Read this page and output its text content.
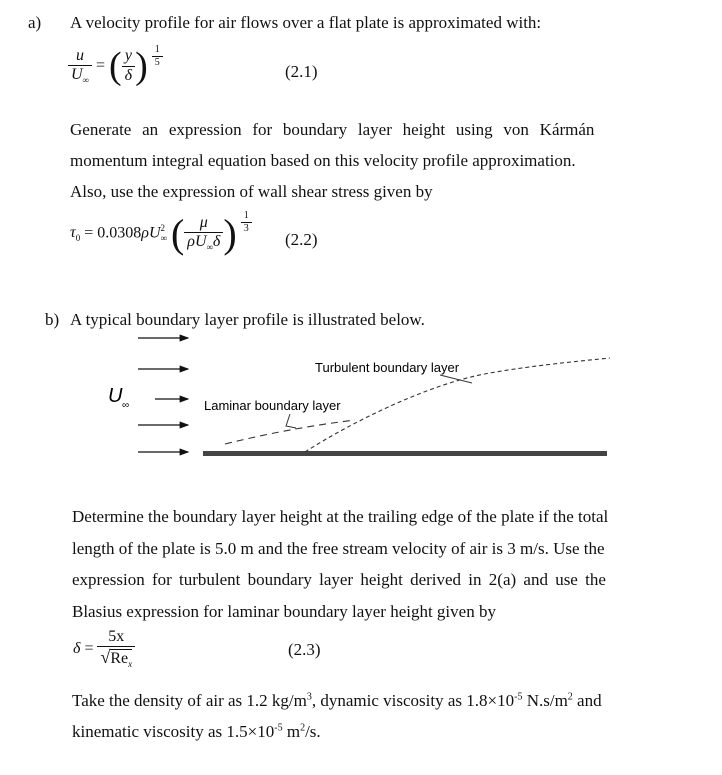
a) A velocity profile for air flows over a flat plate is approximated with:
$\frac{u}{U_\infty}$ = ( $\frac{y}{\delta}$ ) $\frac{1}{5}$
(2.1)

Generate an expression for boundary layer height using von Kármán

momentum integral equation based on this velocity profile approximation.

Also, use the expression of wall shear stress given by

$\tau_0 = 0.0308\rho U$ 2
∞ ( $\frac{\mu}{\rho U_\infty\delta}$ ) $\frac{1}{3}$
(2.2)
b) A typical boundary layer profile is illustrated below.
U ∞
Turbulent boundary layer
Laminar boundary layer

Determine the boundary layer height at the trailing edge of the plate if the total

length of the plate is 5.0 m and the free stream velocity of air is 3 m/s. Use the

expression for turbulent boundary layer height derived in 2(a) and use the

Blasius expression for laminar boundary layer height given by

$\delta = \frac{5x}{√Re_x}$	(2.3)
Take the density of air as 1.2 $kg/m^3$, dynamic viscosity as $1.8\times 10^{-5}$ $N.s/m^2$ and
kinematic viscosity as $1.5\times 10^{-5}$ $m^2/s$.
